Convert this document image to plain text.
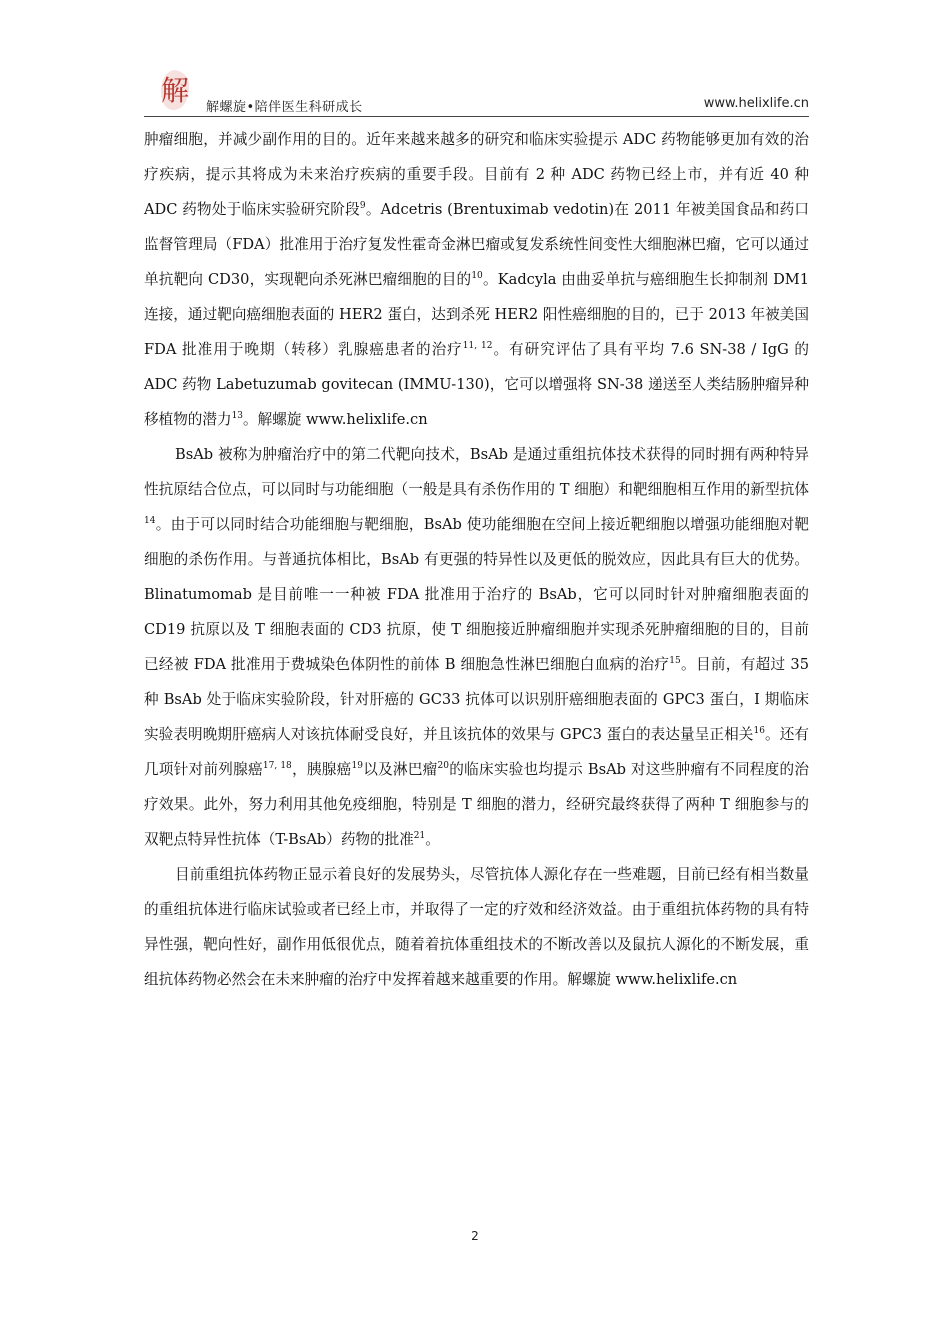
解
解螺旋•陪伴医生科研成长	www.helixlife.cn

肿瘤细胞，并减少副作用的目的。近年来越来越多的研究和临床实验提示 ADC 药物能够更加有效的治疗疾病，提示其将成为未来治疗疾病的重要手段。目前有 2 种 ADC 药物已经上市，并有近 40 种 ADC 药物处于临床实验研究阶段$^9$。Adcetris (Brentuximab vedotin)在 2011 年被美国食品和药口监督管理局（FDA）批准用于治疗复发性霍奇金淋巴瘤或复发系统性间变性大细胞淋巴瘤，它可以通过单抗靶向 CD30，实现靶向杀死淋巴瘤细胞的目的$^{10}$。Kadcyla 由曲妥单抗与癌细胞生长抑制剂 DM1 连接，通过靶向癌细胞表面的 HER2 蛋白，达到杀死 HER2 阳性癌细胞的目的，已于 2013 年被美国 FDA 批准用于晚期（转移）乳腺癌患者的治疗$^{11, 12}$。有研究评估了具有平均 7.6 SN-38 / IgG 的 ADC 药物 Labetuzumab govitecan (IMMU-130)，它可以增强将 SN-38 递送至人类结肠肿瘤异种移植物的潜力$^{13}$。解螺旋 www.helixlife.cn

BsAb 被称为肿瘤治疗中的第二代靶向技术，BsAb 是通过重组抗体技术获得的同时拥有两种特异性抗原结合位点，可以同时与功能细胞（一般是具有杀伤作用的 T 细胞）和靶细胞相互作用的新型抗体$^{14}$。由于可以同时结合功能细胞与靶细胞，BsAb 使功能细胞在空间上接近靶细胞以增强功能细胞对靶细胞的杀伤作用。与普通抗体相比，BsAb 有更强的特异性以及更低的脱效应，因此具有巨大的优势。Blinatumomab 是目前唯一一种被 FDA 批准用于治疗的 BsAb，它可以同时针对肿瘤细胞表面的 CD19 抗原以及 T 细胞表面的 CD3 抗原，使 T 细胞接近肿瘤细胞并实现杀死肿瘤细胞的目的，目前已经被 FDA 批准用于费城染色体阴性的前体 B 细胞急性淋巴细胞白血病的治疗$^{15}$。目前，有超过 35 种 BsAb 处于临床实验阶段，针对肝癌的 GC33 抗体可以识别肝癌细胞表面的 GPC3 蛋白，I 期临床实验表明晚期肝癌病人对该抗体耐受良好，并且该抗体的效果与 GPC3 蛋白的表达量呈正相关$^{16}$。还有几项针对前列腺癌$^{17, 18}$，胰腺癌$^{19}$以及淋巴瘤$^{20}$的临床实验也均提示 BsAb 对这些肿瘤有不同程度的治疗效果。此外，努力利用其他免疫细胞，特别是 T 细胞的潜力，经研究最终获得了两种 T 细胞参与的双靶点特异性抗体（T-BsAb）药物的批准$^{21}$。

目前重组抗体药物正显示着良好的发展势头，尽管抗体人源化存在一些难题，目前已经有相当数量的重组抗体进行临床试验或者已经上市，并取得了一定的疗效和经济效益。由于重组抗体药物的具有特异性强，靶向性好，副作用低很优点，随着着抗体重组技术的不断改善以及鼠抗人源化的不断发展，重组抗体药物必然会在未来肿瘤的治疗中发挥着越来越重要的作用。解螺旋 www.helixlife.cn

2
